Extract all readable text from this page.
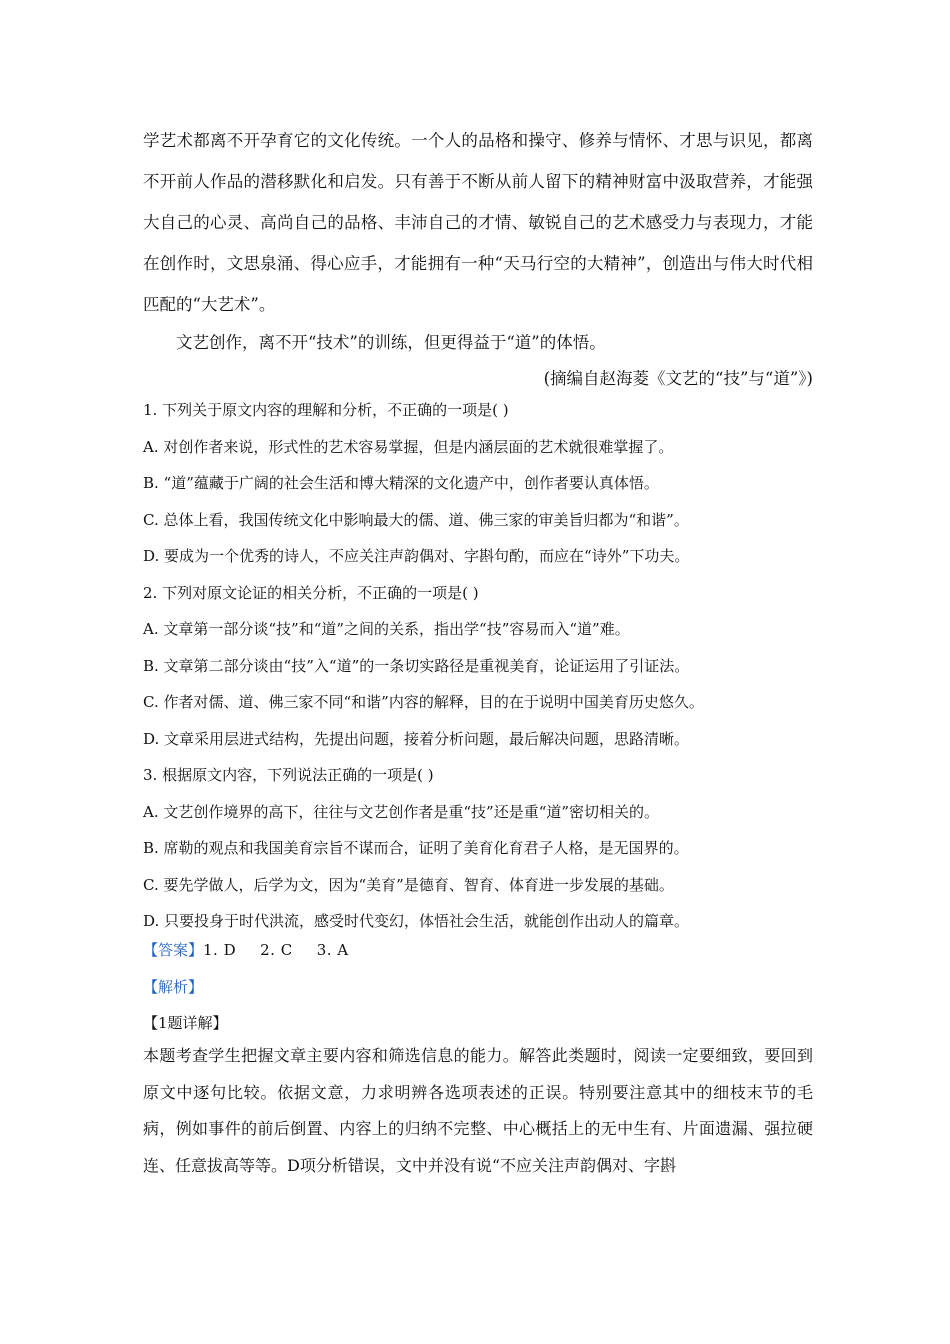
学艺术都离不开孕育它的文化传统。一个人的品格和操守、修养与情怀、才思与识见，都离不开前人作品的潜移默化和启发。只有善于不断从前人留下的精神财富中汲取营养，才能强大自己的心灵、高尚自己的品格、丰沛自己的才情、敏锐自己的艺术感受力与表现力，才能在创作时，文思泉涌、得心应手，才能拥有一种“天马行空的大精神”，创造出与伟大时代相匹配的“大艺术”。

文艺创作，离不开“技术”的训练，但更得益于“道”的体悟。

(摘编自赵海菱《文艺的“技”与“道”》)

1. 下列关于原文内容的理解和分析，不正确的一项是( )
A. 对创作者来说，形式性的艺术容易掌握，但是内涵层面的艺术就很难掌握了。
B. “道”蕴藏于广阔的社会生活和博大精深的文化遗产中，创作者要认真体悟。
C. 总体上看，我国传统文化中影响最大的儒、道、佛三家的审美旨归都为“和谐”。
D. 要成为一个优秀的诗人，不应关注声韵偶对、字斟句酌，而应在“诗外”下功夫。
2. 下列对原文论证的相关分析，不正确的一项是( )
A. 文章第一部分谈“技”和“道”之间的关系，指出学“技”容易而入“道”难。
B. 文章第二部分谈由“技”入“道”的一条切实路径是重视美育，论证运用了引证法。
C. 作者对儒、道、佛三家不同“和谐”内容的解释，目的在于说明中国美育历史悠久。
D. 文章采用层进式结构，先提出问题，接着分析问题，最后解决问题，思路清晰。
3. 根据原文内容，下列说法正确的一项是( )
A. 文艺创作境界的高下，往往与文艺创作者是重“技”还是重“道”密切相关的。
B. 席勒的观点和我国美育宗旨不谋而合，证明了美育化育君子人格，是无国界的。
C. 要先学做人，后学为文，因为“美育”是德育、智育、体育进一步发展的基础。
D. 只要投身于时代洪流，感受时代变幻，体悟社会生活，就能创作出动人的篇章。
【答案】1. D 2. C 3. A
【解析】
【1题详解】

本题考查学生把握文章主要内容和筛选信息的能力。解答此类题时，阅读一定要细致，要回到原文中逐句比较。依据文意，力求明辨各选项表述的正误。特别要注意其中的细枝末节的毛病，例如事件的前后倒置、内容上的归纳不完整、中心概括上的无中生有、片面遗漏、强拉硬连、任意拔高等等。D项分析错误，文中并没有说“不应关注声韵偶对、字斟
